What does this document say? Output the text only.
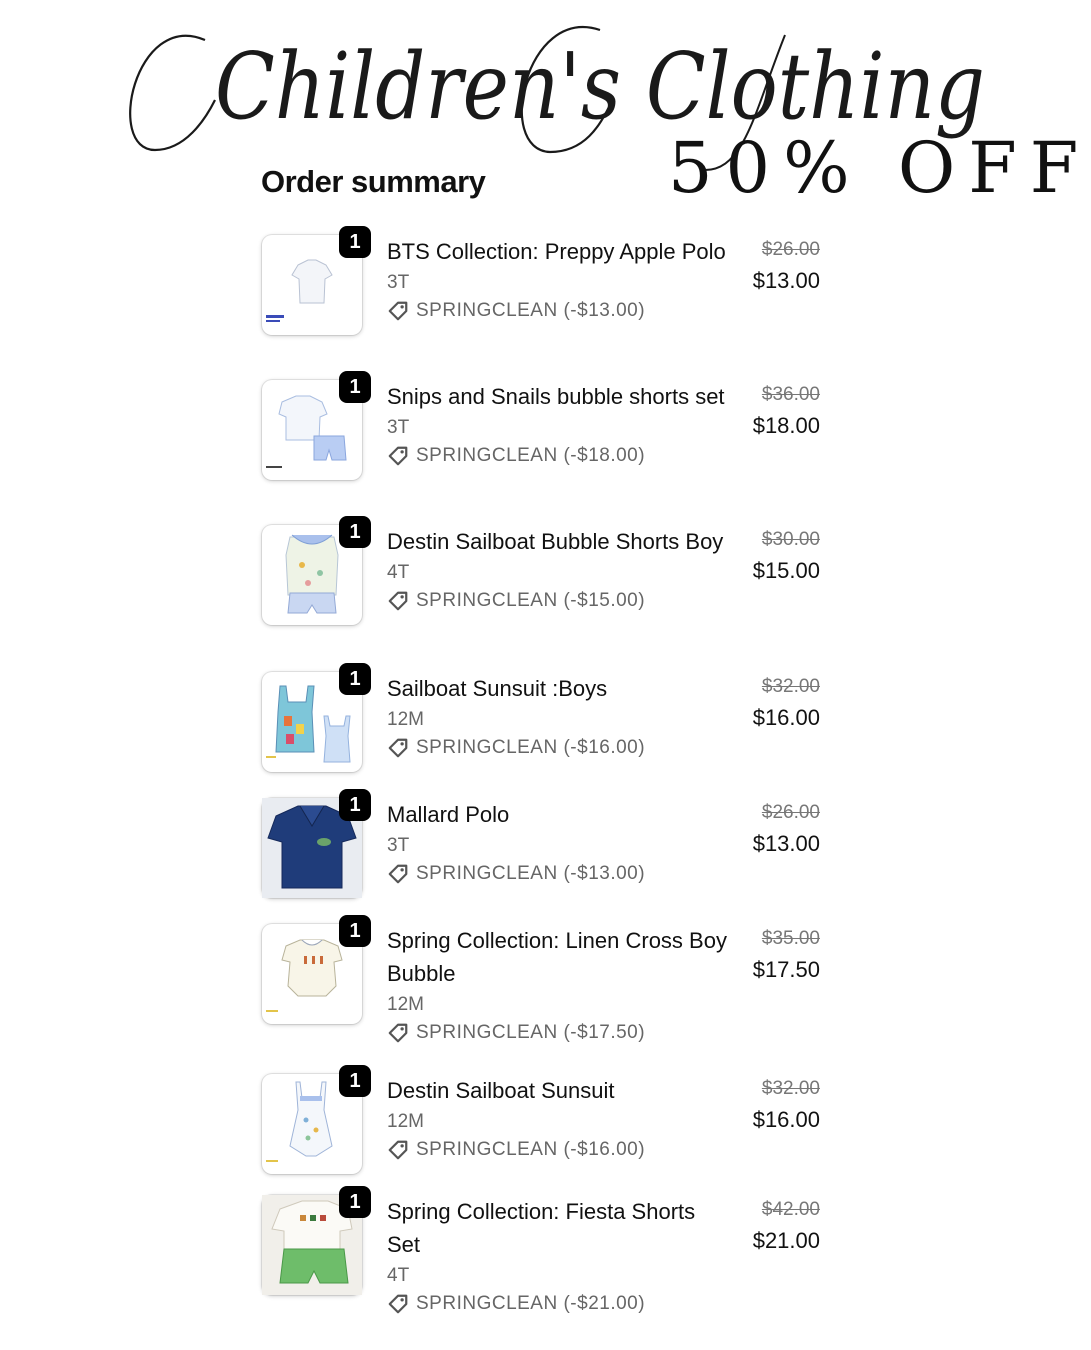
Children's Clothing
50% OFF
Order summary
1	BTS Collection: Preppy Apple Polo
3T
SPRINGCLEAN (-$13.00)
$26.00
$13.00
1	Snips and Snails bubble shorts set
3T
SPRINGCLEAN (-$18.00)
$36.00
$18.00
1	Destin Sailboat Bubble Shorts Boy
4T
SPRINGCLEAN (-$15.00)
$30.00
$15.00
1	Sailboat Sunsuit :Boys
12M
SPRINGCLEAN (-$16.00)
$32.00
$16.00
1	Mallard Polo
3T
SPRINGCLEAN (-$13.00)
$26.00
$13.00
1	Spring Collection: Linen Cross Boy Bubble
12M
SPRINGCLEAN (-$17.50)
$35.00
$17.50
1	Destin Sailboat Sunsuit
12M
SPRINGCLEAN (-$16.00)
$32.00
$16.00
1	Spring Collection: Fiesta Shorts Set
4T
SPRINGCLEAN (-$21.00)
$42.00
$21.00
